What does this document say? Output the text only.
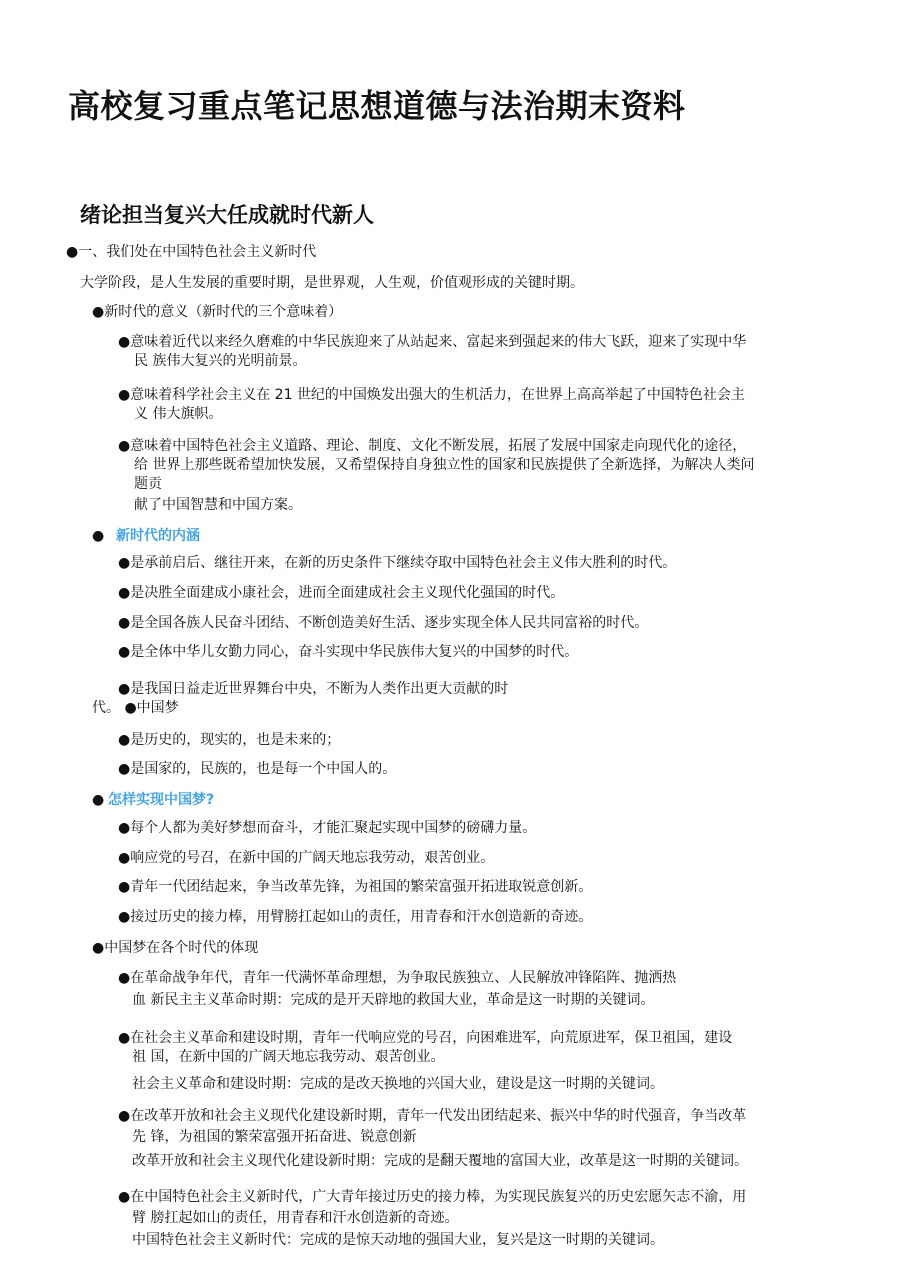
高校复习重点笔记思想道德与法治期末资料
绪论担当复兴大任成就时代新人
●一、我们处在中国特色社会主义新时代
大学阶段，是人生发展的重要时期，是世界观，人生观，价值观形成的关键时期。
●新时代的意义（新时代的三个意味着）
●意味着近代以来经久磨难的中华民族迎来了从站起来、富起来到强起来的伟大飞跃，迎来了实现中华
民 族伟大复兴的光明前景。
●意味着科学社会主义在 21 世纪的中国焕发出强大的生机活力，在世界上高高举起了中国特色社会主
义 伟大旗帜。
●意味着中国特色社会主义道路、理论、制度、文化不断发展，拓展了发展中国家走向现代化的途径，
给 世界上那些既希望加快发展，又希望保持自身独立性的国家和民族提供了全新选择，为解决人类问
题贡
献了中国智慧和中国方案。
● 新时代的内涵
●是承前启后、继往开来，在新的历史条件下继续夺取中国特色社会主义伟大胜利的时代。
●是决胜全面建成小康社会，进而全面建成社会主义现代化强国的时代。
●是全国各族人民奋斗团结、不断创造美好生活、逐步实现全体人民共同富裕的时代。
●是全体中华儿女勤力同心，奋斗实现中华民族伟大复兴的中国梦的时代。
●是我国日益走近世界舞台中央，不断为人类作出更大贡献的时
代。 ●中国梦
●是历史的，现实的，也是未来的；
●是国家的，民族的，也是每一个中国人的。
● 怎样实现中国梦?
●每个人都为美好梦想而奋斗，才能汇聚起实现中国梦的磅礴力量。
●响应党的号召，在新中国的广阔天地忘我劳动，艰苦创业。
●青年一代团结起来，争当改革先锋，为祖国的繁荣富强开拓进取锐意创新。
●接过历史的接力棒，用臂膀扛起如山的责任，用青春和汗水创造新的奇迹。
●中国梦在各个时代的体现
●在革命战争年代，青年一代满怀革命理想，为争取民族独立、人民解放冲锋陷阵、抛洒热
血 新民主主义革命时期：完成的是开天辟地的救国大业，革命是这一时期的关键词。
●在社会主义革命和建设时期，青年一代响应党的号召，向困难进军，向荒原进军，保卫祖国，建设
祖 国，在新中国的广阔天地忘我劳动、艰苦创业。
社会主义革命和建设时期：完成的是改天换地的兴国大业，建设是这一时期的关键词。
●在改革开放和社会主义现代化建设新时期，青年一代发出团结起来、振兴中华的时代强音，争当改革
先 锋，为祖国的繁荣富强开拓奋进、锐意创新
改革开放和社会主义现代化建设新时期：完成的是翻天覆地的富国大业，改革是这一时期的关键词。
●在中国特色社会主义新时代，广大青年接过历史的接力棒，为实现民族复兴的历史宏愿矢志不渝，用
臂 膀扛起如山的责任，用青春和汗水创造新的奇迹。
中国特色社会主义新时代：完成的是惊天动地的强国大业，复兴是这一时期的关键词。
